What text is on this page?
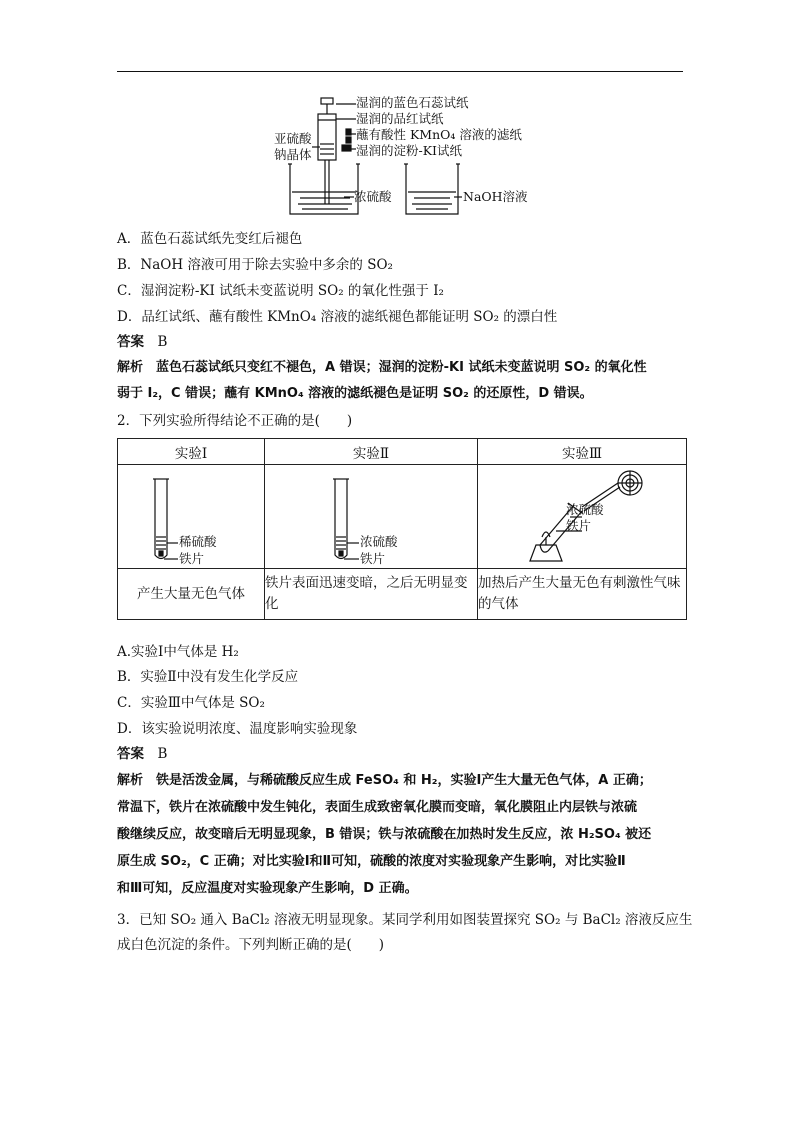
湿润的蓝色石蕊试纸
湿润的品红试纸
蘸有酸性 KMnO₄ 溶液的滤纸
湿润的淀粉-KI试纸
亚硫酸
钠晶体
浓硫酸	NaOH溶液
A．蓝色石蕊试纸先变红后褪色
B．NaOH 溶液可用于除去实验中多余的 SO₂
C．湿润淀粉-KI 试纸未变蓝说明 SO₂ 的氧化性强于 I₂
D．品红试纸、蘸有酸性 KMnO₄ 溶液的滤纸褪色都能证明 SO₂ 的漂白性
答案　 B
解析　 蓝色石蕊试纸只变红不褪色，A 错误；湿润的淀粉-KI 试纸未变蓝说明 SO₂ 的氧化性
弱于 I₂，C 错误；蘸有 KMnO₄ 溶液的滤纸褪色是证明 SO₂ 的还原性，D 错误。
2．下列实验所得结论不正确的是(　　)
实验Ⅰ	实验Ⅱ	实验Ⅲ

稀硫酸
铁片	浓硫酸
铁片	浓硫酸
铁片

产生大量无色气体	铁片表面迅速变暗，之后无明显变化	加热后产生大量无色有刺激性气味的气体
A.实验Ⅰ中气体是 H₂
B．实验Ⅱ中没有发生化学反应
C．实验Ⅲ中气体是 SO₂
D．该实验说明浓度、温度影响实验现象
答案　 B
解析　 铁是活泼金属，与稀硫酸反应生成 FeSO₄ 和 H₂，实验Ⅰ产生大量无色气体，A 正确；
常温下，铁片在浓硫酸中发生钝化，表面生成致密氧化膜而变暗，氧化膜阻止内层铁与浓硫
酸继续反应，故变暗后无明显现象，B 错误；铁与浓硫酸在加热时发生反应，浓 H₂SO₄ 被还
原生成 SO₂，C 正确；对比实验Ⅰ和Ⅱ可知，硫酸的浓度对实验现象产生影响，对比实验Ⅱ
和Ⅲ可知，反应温度对实验现象产生影响，D 正确。
3．已知 SO₂ 通入 BaCl₂ 溶液无明显现象。某同学利用如图装置探究 SO₂ 与 BaCl₂ 溶液反应生
成白色沉淀的条件。下列判断正确的是(　　)
